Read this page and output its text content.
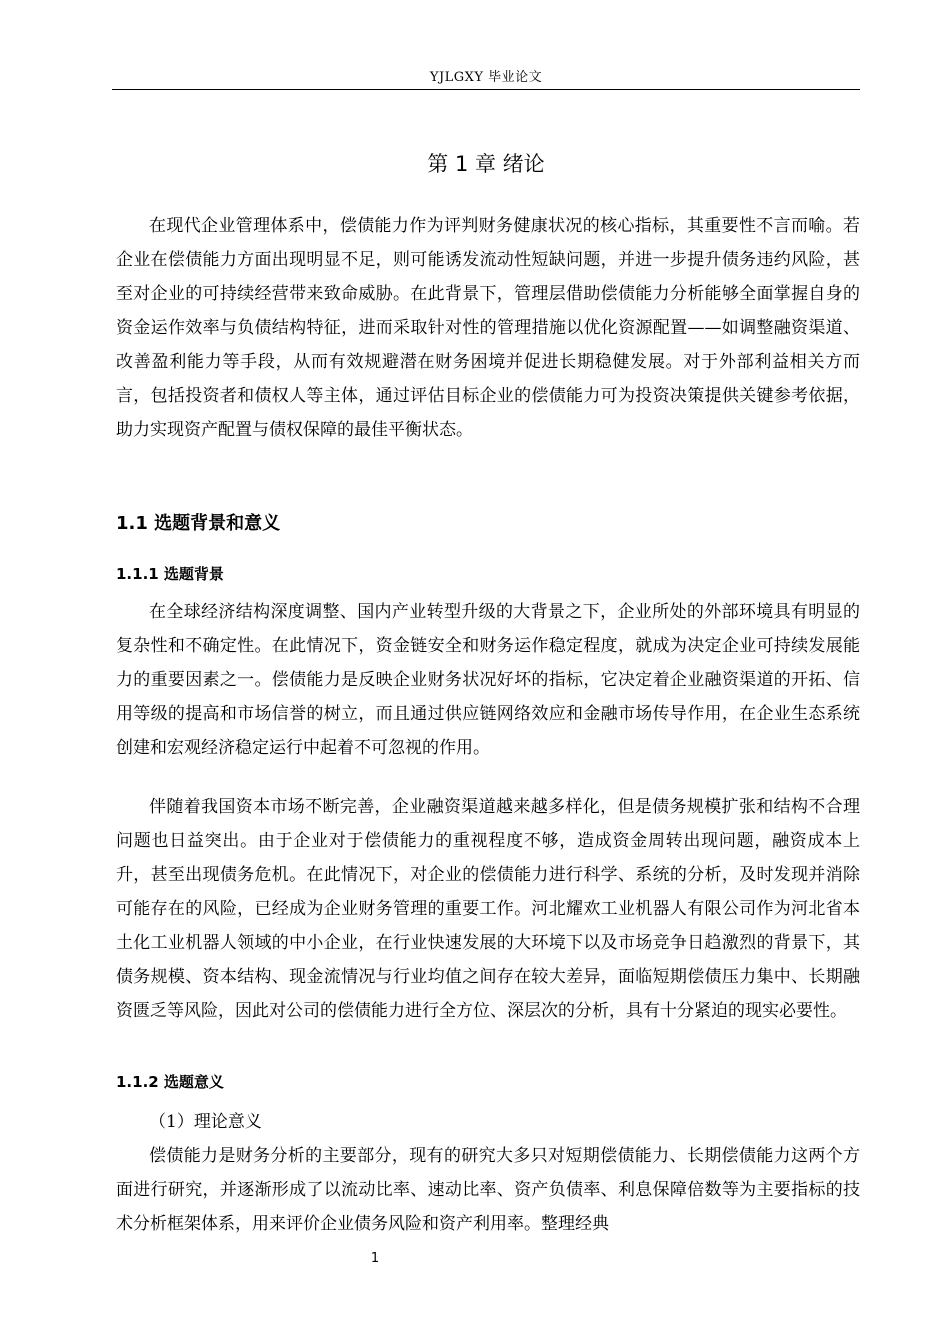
YJLGXY 毕业论文
第 1 章 绪论

在现代企业管理体系中，偿债能力作为评判财务健康状况的核心指标，其重要性不言而喻。若企业在偿债能力方面出现明显不足，则可能诱发流动性短缺问题，并进一步提升债务违约风险，甚至对企业的可持续经营带来致命威胁。在此背景下，管理层借助偿债能力分析能够全面掌握自身的资金运作效率与负债结构特征，进而采取针对性的管理措施以优化资源配置——如调整融资渠道、改善盈利能力等手段，从而有效规避潜在财务困境并促进长期稳健发展。对于外部利益相关方而言，包括投资者和债权人等主体，通过评估目标企业的偿债能力可为投资决策提供关键参考依据，助力实现资产配置与债权保障的最佳平衡状态。

1.1 选题背景和意义
1.1.1 选题背景

在全球经济结构深度调整、国内产业转型升级的大背景之下，企业所处的外部环境具有明显的复杂性和不确定性。在此情况下，资金链安全和财务运作稳定程度，就成为决定企业可持续发展能力的重要因素之一。偿债能力是反映企业财务状况好坏的指标，它决定着企业融资渠道的开拓、信用等级的提高和市场信誉的树立，而且通过供应链网络效应和金融市场传导作用，在企业生态系统创建和宏观经济稳定运行中起着不可忽视的作用。

伴随着我国资本市场不断完善，企业融资渠道越来越多样化，但是债务规模扩张和结构不合理问题也日益突出。由于企业对于偿债能力的重视程度不够，造成资金周转出现问题，融资成本上升，甚至出现债务危机。在此情况下，对企业的偿债能力进行科学、系统的分析，及时发现并消除可能存在的风险，已经成为企业财务管理的重要工作。河北耀欢工业机器人有限公司作为河北省本土化工业机器人领域的中小企业，在行业快速发展的大环境下以及市场竞争日趋激烈的背景下，其债务规模、资本结构、现金流情况与行业均值之间存在较大差异，面临短期偿债压力集中、长期融资匮乏等风险，因此对公司的偿债能力进行全方位、深层次的分析，具有十分紧迫的现实必要性。

1.1.2 选题意义
（1）理论意义

偿债能力是财务分析的主要部分，现有的研究大多只对短期偿债能力、长期偿债能力这两个方面进行研究，并逐渐形成了以流动比率、速动比率、资产负债率、利息保障倍数等为主要指标的技术分析框架体系，用来评价企业债务风险和资产利用率。整理经典

1
